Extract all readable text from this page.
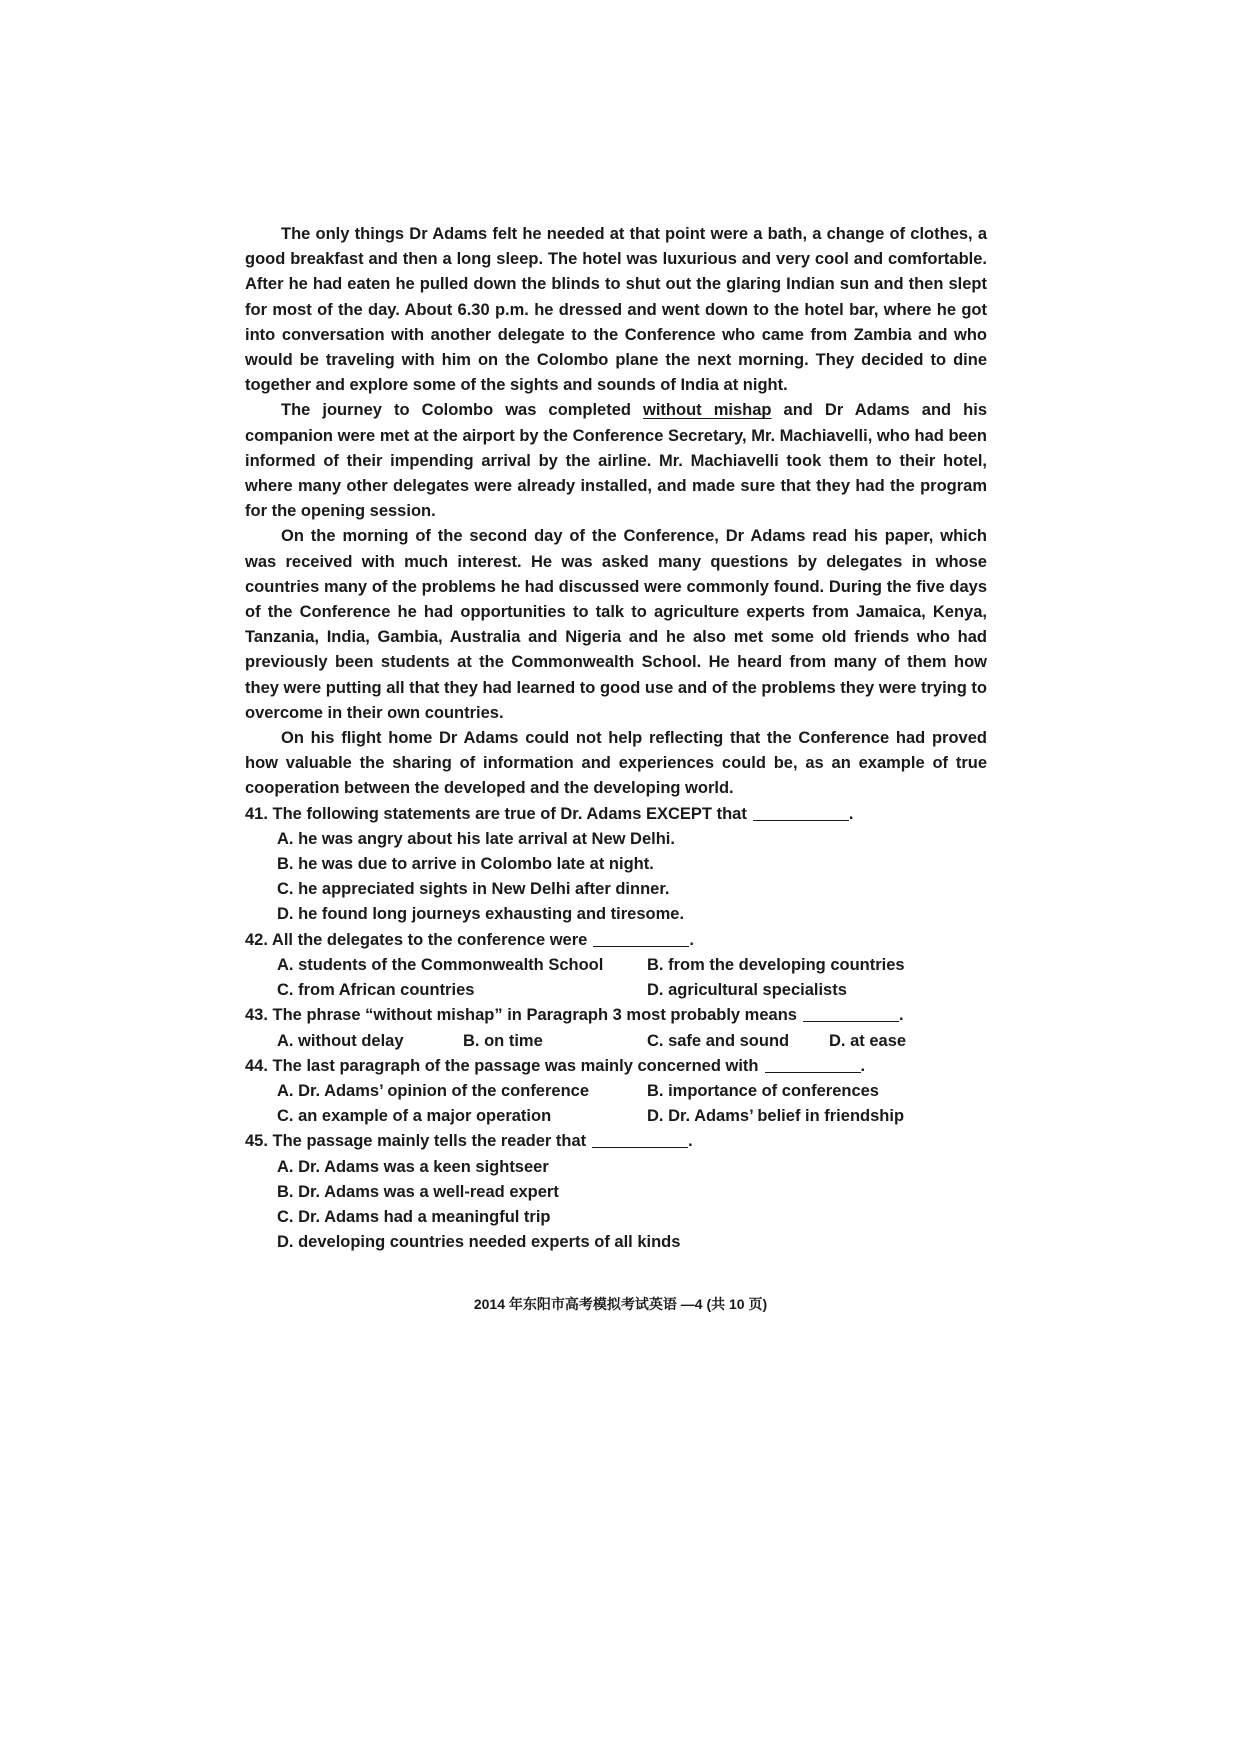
The only things Dr Adams felt he needed at that point were a bath, a change of clothes, a good breakfast and then a long sleep. The hotel was luxurious and very cool and comfortable. After he had eaten he pulled down the blinds to shut out the glaring Indian sun and then slept for most of the day. About 6.30 p.m. he dressed and went down to the hotel bar, where he got into conversation with another delegate to the Conference who came from Zambia and who would be traveling with him on the Colombo plane the next morning. They decided to dine together and explore some of the sights and sounds of India at night.

The journey to Colombo was completed without mishap and Dr Adams and his companion were met at the airport by the Conference Secretary, Mr. Machiavelli, who had been informed of their impending arrival by the airline. Mr. Machiavelli took them to their hotel, where many other delegates were already installed, and made sure that they had the program for the opening session.

On the morning of the second day of the Conference, Dr Adams read his paper, which was received with much interest. He was asked many questions by delegates in whose countries many of the problems he had discussed were commonly found. During the five days of the Conference he had opportunities to talk to agriculture experts from Jamaica, Kenya, Tanzania, India, Gambia, Australia and Nigeria and he also met some old friends who had previously been students at the Commonwealth School. He heard from many of them how they were putting all that they had learned to good use and of the problems they were trying to overcome in their own countries.

On his flight home Dr Adams could not help reflecting that the Conference had proved how valuable the sharing of information and experiences could be, as an example of true cooperation between the developed and the developing world.

41. The following statements are true of Dr. Adams EXCEPT that	.

A. he was angry about his late arrival at New Delhi.
B. he was due to arrive in Colombo late at night.
C. he appreciated sights in New Delhi after dinner.
D. he found long journeys exhausting and tiresome.

42. All the delegates to the conference were	.

A. students of the Commonwealth School	B. from the developing countries
C. from African countries	D. agricultural specialists

43. The phrase “without mishap” in Paragraph 3 most probably means	.

A. without delay	B. on time	C. safe and sound	D. at ease

44. The last paragraph of the passage was mainly concerned with	.

A. Dr. Adams’ opinion of the conference	B. importance of conferences
C. an example of a major operation	D. Dr. Adams’ belief in friendship

45. The passage mainly tells the reader that	.

A. Dr. Adams was a keen sightseer
B. Dr. Adams was a well-read expert
C. Dr. Adams had a meaningful trip
D. developing countries needed experts of all kinds
2014 年东阳市高考模拟考试英语 —4 (共 10 页)
